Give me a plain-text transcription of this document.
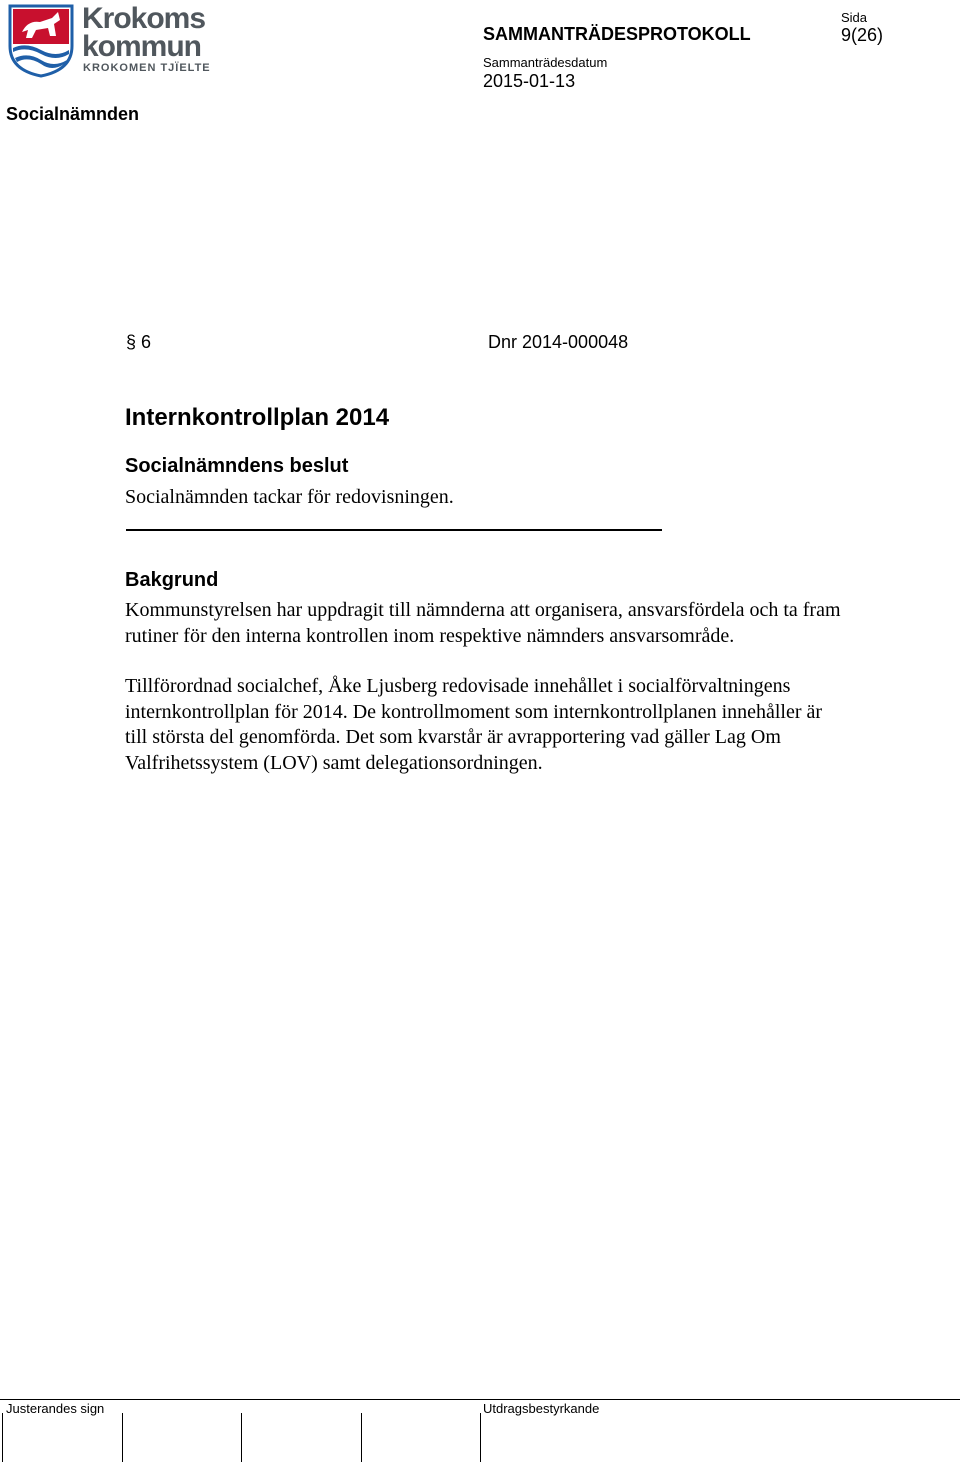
Krokoms
kommun
KROKOMEN TJÏELTE
SAMMANTRÄDESPROTOKOLL
Sida
9(26)
Sammanträdesdatum
2015-01-13
Socialnämnden
§ 6	Dnr 2014-000048
Internkontrollplan 2014
Socialnämndens beslut
Socialnämnden tackar för redovisningen.
Bakgrund

Kommunstyrelsen har uppdragit till nämnderna att organisera, ansvarsfördela och ta fram rutiner för den interna kontrollen inom respektive nämnders ansvarsområde.

Tillförordnad socialchef, Åke Ljusberg redovisade innehållet i socialförvaltningens internkontrollplan för 2014. De kontrollmoment som internkontrollplanen innehåller är till största del genomförda. Det som kvarstår är avrapportering vad gäller Lag Om Valfrihetssystem (LOV) samt delegationsordningen.

Justerandes sign	Utdragsbestyrkande
